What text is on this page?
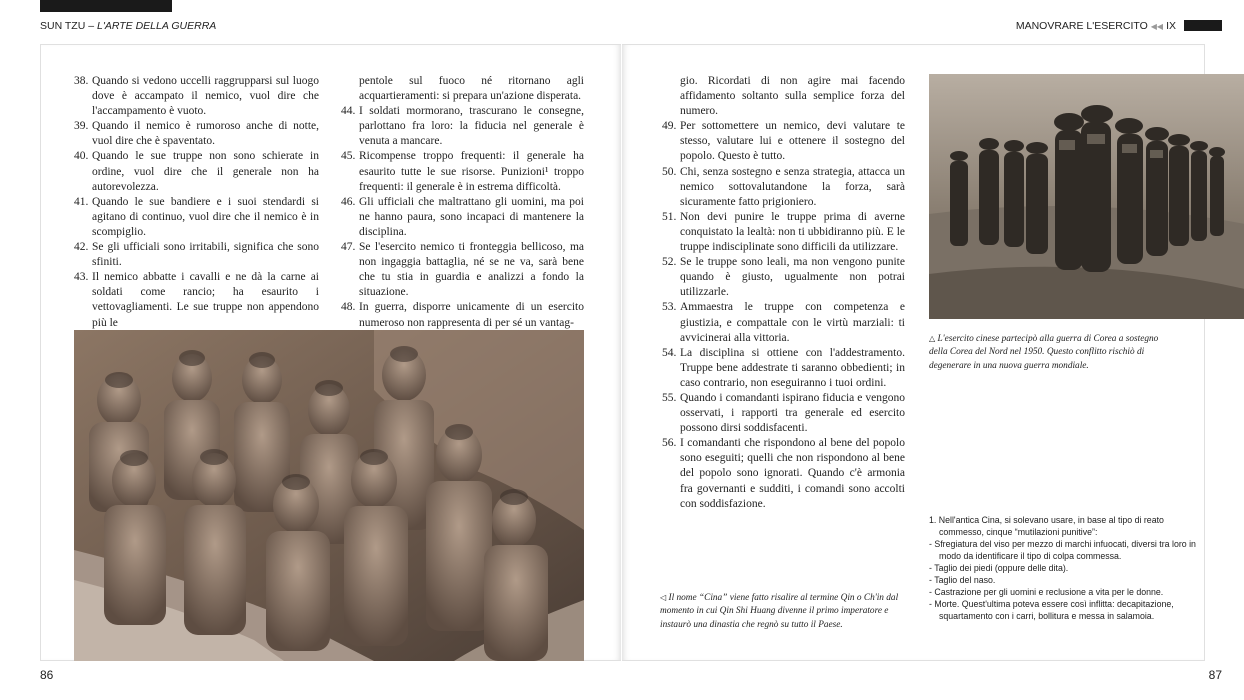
SUN TZU – L'ARTE DELLA GUERRA	MANOVRARE L'ESERCITO ◀◀ IX

38. Quando si vedono uccelli raggrupparsi sul luogo dove è accampato il nemico, vuol dire che l'accampamento è vuoto.

39. Quando il nemico è rumoroso anche di notte, vuol dire che è spaventato.

40. Quando le sue truppe non sono schierate in ordine, vuol dire che il generale non ha autorevolezza.

41. Quando le sue bandiere e i suoi stendardi si agitano di continuo, vuol dire che il nemico è in scompiglio.

42. Se gli ufficiali sono irritabili, significa che sono sfiniti.

43. Il nemico abbatte i cavalli e ne dà la carne ai soldati come rancio; ha esaurito i vettovagliamenti. Le sue truppe non appendono più le

pentole sul fuoco né ritornano agli acquartieramenti: si prepara un'azione disperata.

44. I soldati mormorano, trascurano le consegne, parlottano fra loro: la fiducia nel generale è venuta a mancare.

45. Ricompense troppo frequenti: il generale ha esaurito tutte le sue risorse. Punizioni¹ troppo frequenti: il generale è in estrema difficoltà.

46. Gli ufficiali che maltrattano gli uomini, ma poi ne hanno paura, sono incapaci di mantenere la disciplina.

47. Se l'esercito nemico ti fronteggia bellicoso, ma non ingaggia battaglia, né se ne va, sarà bene che tu stia in guardia e analizzi a fondo la situazione.

48. In guerra, disporre unicamente di un esercito numeroso non rappresenta di per sé un vantag-

gio. Ricordati di non agire mai facendo affidamento soltanto sulla semplice forza del numero.

49. Per sottomettere un nemico, devi valutare te stesso, valutare lui e ottenere il sostegno del popolo. Questo è tutto.

50. Chi, senza sostegno e senza strategia, attacca un nemico sottovalutandone la forza, sarà sicuramente fatto prigioniero.

51. Non devi punire le truppe prima di averne conquistato la lealtà: non ti ubbidiranno più. E le truppe indisciplinate sono difficili da utilizzare.

52. Se le truppe sono leali, ma non vengono punite quando è giusto, ugualmente non potrai utilizzarle.

53. Ammaestra le truppe con competenza e giustizia, e compattale con le virtù marziali: ti avvicinerai alla vittoria.

54. La disciplina si ottiene con l'addestramento. Truppe bene addestrate ti saranno obbedienti; in caso contrario, non eseguiranno i tuoi ordini.

55. Quando i comandanti ispirano fiducia e vengono osservati, i rapporti tra generale ed esercito possono dirsi soddisfacenti.

56. I comandanti che rispondono al bene del popolo sono eseguiti; quelli che non rispondono al bene del popolo sono ignorati. Quando c'è armonia fra governanti e sudditi, i comandi sono accolti con soddisfazione.

△ L'esercito cinese partecipò alla guerra di Corea a sostegno della Corea del Nord nel 1950. Questo conflitto rischiò di degenerare in una nuova guerra mondiale.
◁ Il nome “Cina” viene fatto risalire al termine Qin o Ch'in dal momento in cui Qin Shi Huang divenne il primo imperatore e instaurò una dinastia che regnò su tutto il Paese.

1. Nell'antica Cina, si solevano usare, in base al tipo di reato commesso, cinque “mutilazioni punitive”:

- Sfregiatura del viso per mezzo di marchi infuocati, diversi tra loro in modo da identificare il tipo di colpa commessa.

- Taglio dei piedi (oppure delle dita).

- Taglio del naso.

- Castrazione per gli uomini e reclusione a vita per le donne.

- Morte. Quest'ultima poteva essere così inflitta: decapitazione, squartamento con i carri, bollitura e messa in salamoia.

86	87
